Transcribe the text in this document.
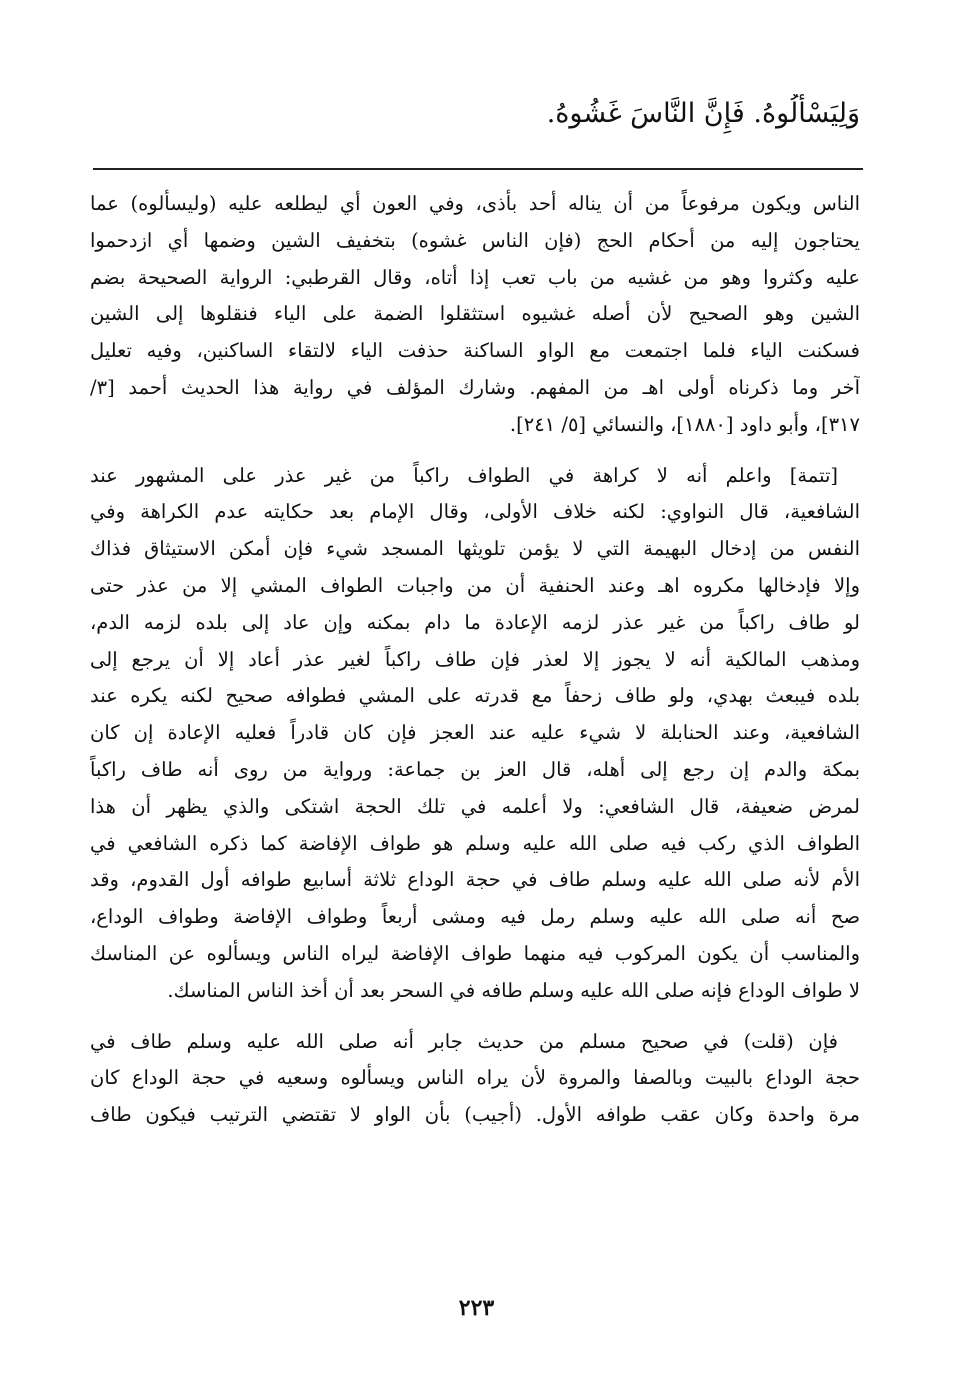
وَلِيَسْأَلُوهُ. فَإِنَّ النَّاسَ غَشُوهُ.
الناس ويكون مرفوعاً من أن يناله أحد بأذى، وفي العون أي ليطلعه عليه (وليسألوه) عما
يحتاجون إليه من أحكام الحج (فإن الناس غشوه) بتخفيف الشين وضمها أي ازدحموا
عليه وكثروا وهو من غشيه من باب تعب إذا أتاه، وقال القرطبي: الرواية الصحيحة بضم
الشين وهو الصحيح لأن أصله غشيوه استثقلوا الضمة على الياء فنقلوها إلى الشين
فسكنت الياء فلما اجتمعت مع الواو الساكنة حذفت الياء لالتقاء الساكنين، وفيه تعليل
آخر وما ذكرناه أولى اهـ من المفهم. وشارك المؤلف في رواية هذا الحديث أحمد [٣/
٣١٧]، وأبو داود [١٨٨٠]، والنسائي [٥/ ٢٤١].
[تتمة] واعلم أنه لا كراهة في الطواف راكباً من غير عذر على المشهور عند
الشافعية، قال النواوي: لكنه خلاف الأولى، وقال الإمام بعد حكايته عدم الكراهة وفي
النفس من إدخال البهيمة التي لا يؤمن تلويثها المسجد شيء فإن أمكن الاستيثاق فذاك
وإلا فإدخالها مكروه اهـ وعند الحنفية أن من واجبات الطواف المشي إلا من عذر حتى
لو طاف راكباً من غير عذر لزمه الإعادة ما دام بمكنه وإن عاد إلى بلده لزمه الدم،
ومذهب المالكية أنه لا يجوز إلا لعذر فإن طاف راكباً لغير عذر أعاد إلا أن يرجع إلى
بلده فيبعث بهدي، ولو طاف زحفاً مع قدرته على المشي فطوافه صحيح لكنه يكره عند
الشافعية، وعند الحنابلة لا شيء عليه عند العجز فإن كان قادراً فعليه الإعادة إن كان
بمكة والدم إن رجع إلى أهله، قال العز بن جماعة: ورواية من روى أنه طاف راكباً
لمرض ضعيفة، قال الشافعي: ولا أعلمه في تلك الحجة اشتكى والذي يظهر أن هذا
الطواف الذي ركب فيه صلى الله عليه وسلم هو طواف الإفاضة كما ذكره الشافعي في
الأم لأنه صلى الله عليه وسلم طاف في حجة الوداع ثلاثة أسابيع طوافه أول القدوم، وقد
صح أنه صلى الله عليه وسلم رمل فيه ومشى أربعاً وطواف الإفاضة وطواف الوداع،
والمناسب أن يكون المركوب فيه منهما طواف الإفاضة ليراه الناس ويسألوه عن المناسك
لا طواف الوداع فإنه صلى الله عليه وسلم طافه في السحر بعد أن أخذ الناس المناسك.
فإن (قلت) في صحيح مسلم من حديث جابر أنه صلى الله عليه وسلم طاف في
حجة الوداع بالبيت وبالصفا والمروة لأن يراه الناس ويسألوه وسعيه في حجة الوداع كان
مرة واحدة وكان عقب طوافه الأول. (أجيب) بأن الواو لا تقتضي الترتيب فيكون طاف
٢٢٣
